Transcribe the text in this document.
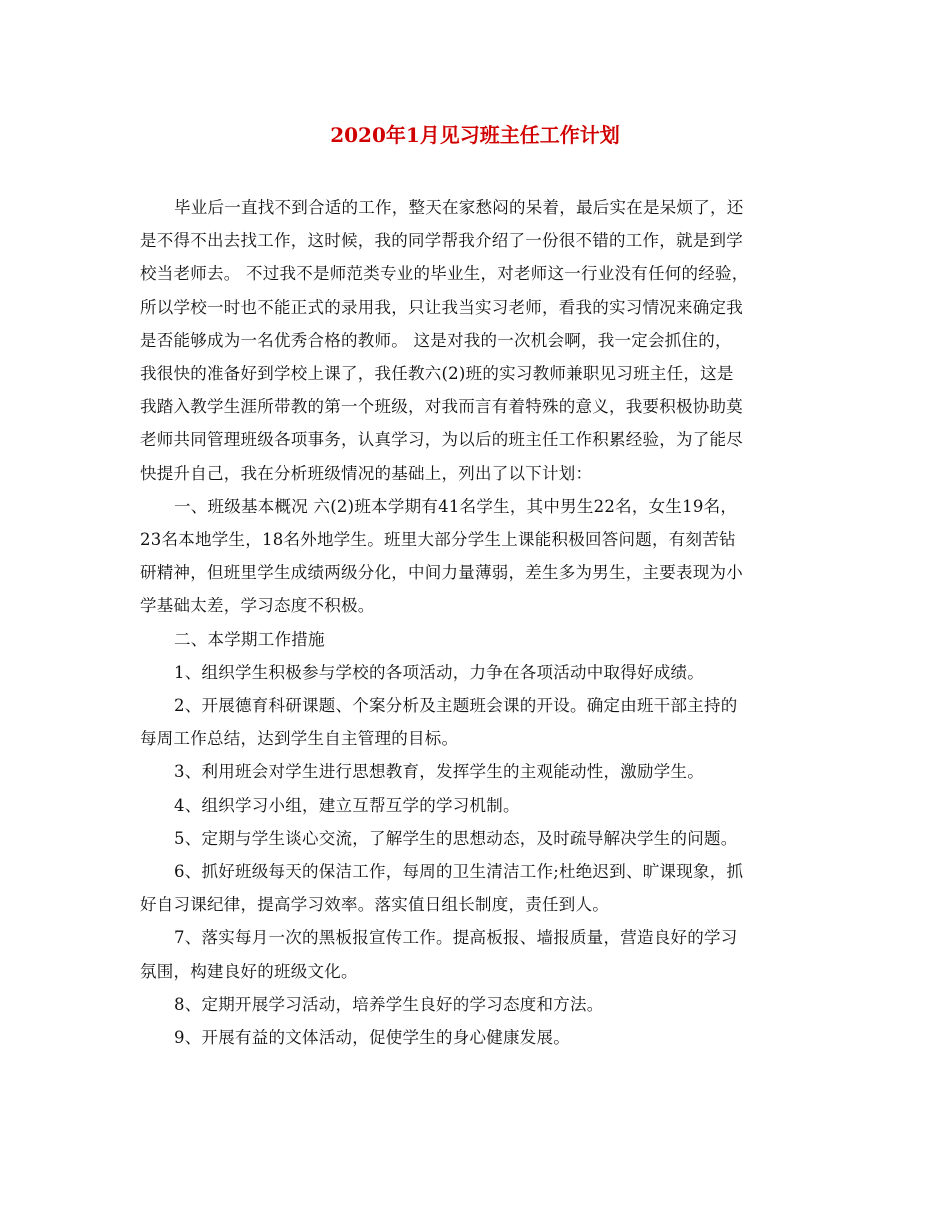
2020年1月见习班主任工作计划
毕业后一直找不到合适的工作，整天在家愁闷的呆着，最后实在是呆烦了，还
是不得不出去找工作，这时候，我的同学帮我介绍了一份很不错的工作，就是到学
校当老师去。 不过我不是师范类专业的毕业生，对老师这一行业没有任何的经验，
所以学校一时也不能正式的录用我，只让我当实习老师，看我的实习情况来确定我
是否能够成为一名优秀合格的教师。 这是对我的一次机会啊，我一定会抓住的，
我很快的准备好到学校上课了，我任教六(2)班的实习教师兼职见习班主任，这是
我踏入教学生涯所带教的第一个班级，对我而言有着特殊的意义，我要积极协助莫
老师共同管理班级各项事务，认真学习，为以后的班主任工作积累经验，为了能尽
快提升自己，我在分析班级情况的基础上，列出了以下计划：
一、班级基本概况 六(2)班本学期有41名学生，其中男生22名，女生19名，
23名本地学生，18名外地学生。班里大部分学生上课能积极回答问题，有刻苦钻
研精神，但班里学生成绩两级分化，中间力量薄弱，差生多为男生，主要表现为小
学基础太差，学习态度不积极。
二、本学期工作措施
1、组织学生积极参与学校的各项活动，力争在各项活动中取得好成绩。
2、开展德育科研课题、个案分析及主题班会课的开设。确定由班干部主持的
每周工作总结，达到学生自主管理的目标。
3、利用班会对学生进行思想教育，发挥学生的主观能动性，激励学生。
4、组织学习小组，建立互帮互学的学习机制。
5、定期与学生谈心交流，了解学生的思想动态，及时疏导解决学生的问题。
6、抓好班级每天的保洁工作，每周的卫生清洁工作;杜绝迟到、旷课现象，抓
好自习课纪律，提高学习效率。落实值日组长制度，责任到人。
7、落实每月一次的黑板报宣传工作。提高板报、墙报质量，营造良好的学习
氛围，构建良好的班级文化。
8、定期开展学习活动，培养学生良好的学习态度和方法。
9、开展有益的文体活动，促使学生的身心健康发展。
